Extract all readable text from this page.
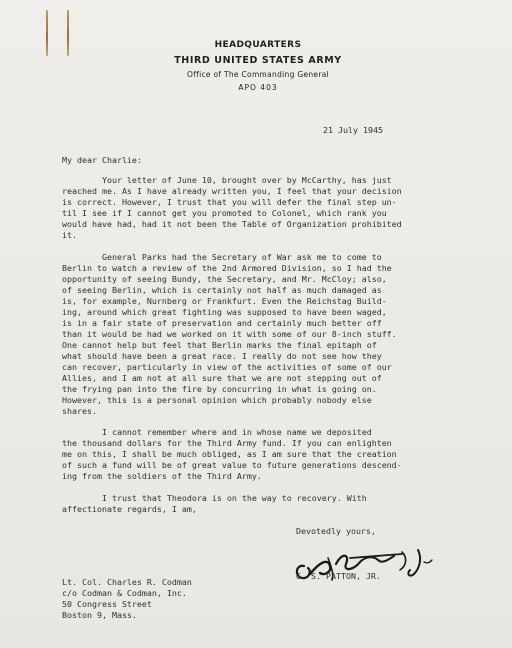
HEADQUARTERS

THIRD UNITED STATES ARMY

Office of The Commanding General

APO 403

21 July 1945

My dear Charlie:

Your letter of June 10, brought over by McCarthy, has just
reached me. As I have already written you, I feel that your decision
is correct. However, I trust that you will defer the final step un-
til I see if I cannot get you promoted to Colonel, which rank you
would have had, had it not been the Table of Organization prohibited
it.
General Parks had the Secretary of War ask me to come to
Berlin to watch a review of the 2nd Armored Division, so I had the
opportunity of seeing Bundy, the Secretary, and Mr. McCloy; also,
of seeing Berlin, which is certainly not half as much damaged as
is, for example, Nurnberg or Frankfurt. Even the Reichstag Build-
ing, around which great fighting was supposed to have been waged,
is in a fair state of preservation and certainly much better off
than it would be had we worked on it with some of our 8-inch stuff.
One cannot help but feel that Berlin marks the final epitaph of
what should have been a great race. I really do not see how they
can recover, particularly in view of the activities of some of our
Allies, and I am not at all sure that we are not stepping out of
the frying pan into the fire by concurring in what is going on.
However, this is a personal opinion which probably nobody else
shares.
I cannot remember where and in whose name we deposited
the thousand dollars for the Third Army fund. If you can enlighten
me on this, I shall be much obliged, as I am sure that the creation
of such a fund will be of great value to future generations descend-
ing from the soldiers of the Third Army.
I trust that Theodora is on the way to recovery. With
affectionate regards, I am,

Devotedly yours,

G. S. PATTON, JR.

Lt. Col. Charles R. Codman
c/o Codman & Codman, Inc.
50 Congress Street
Boston 9, Mass.
